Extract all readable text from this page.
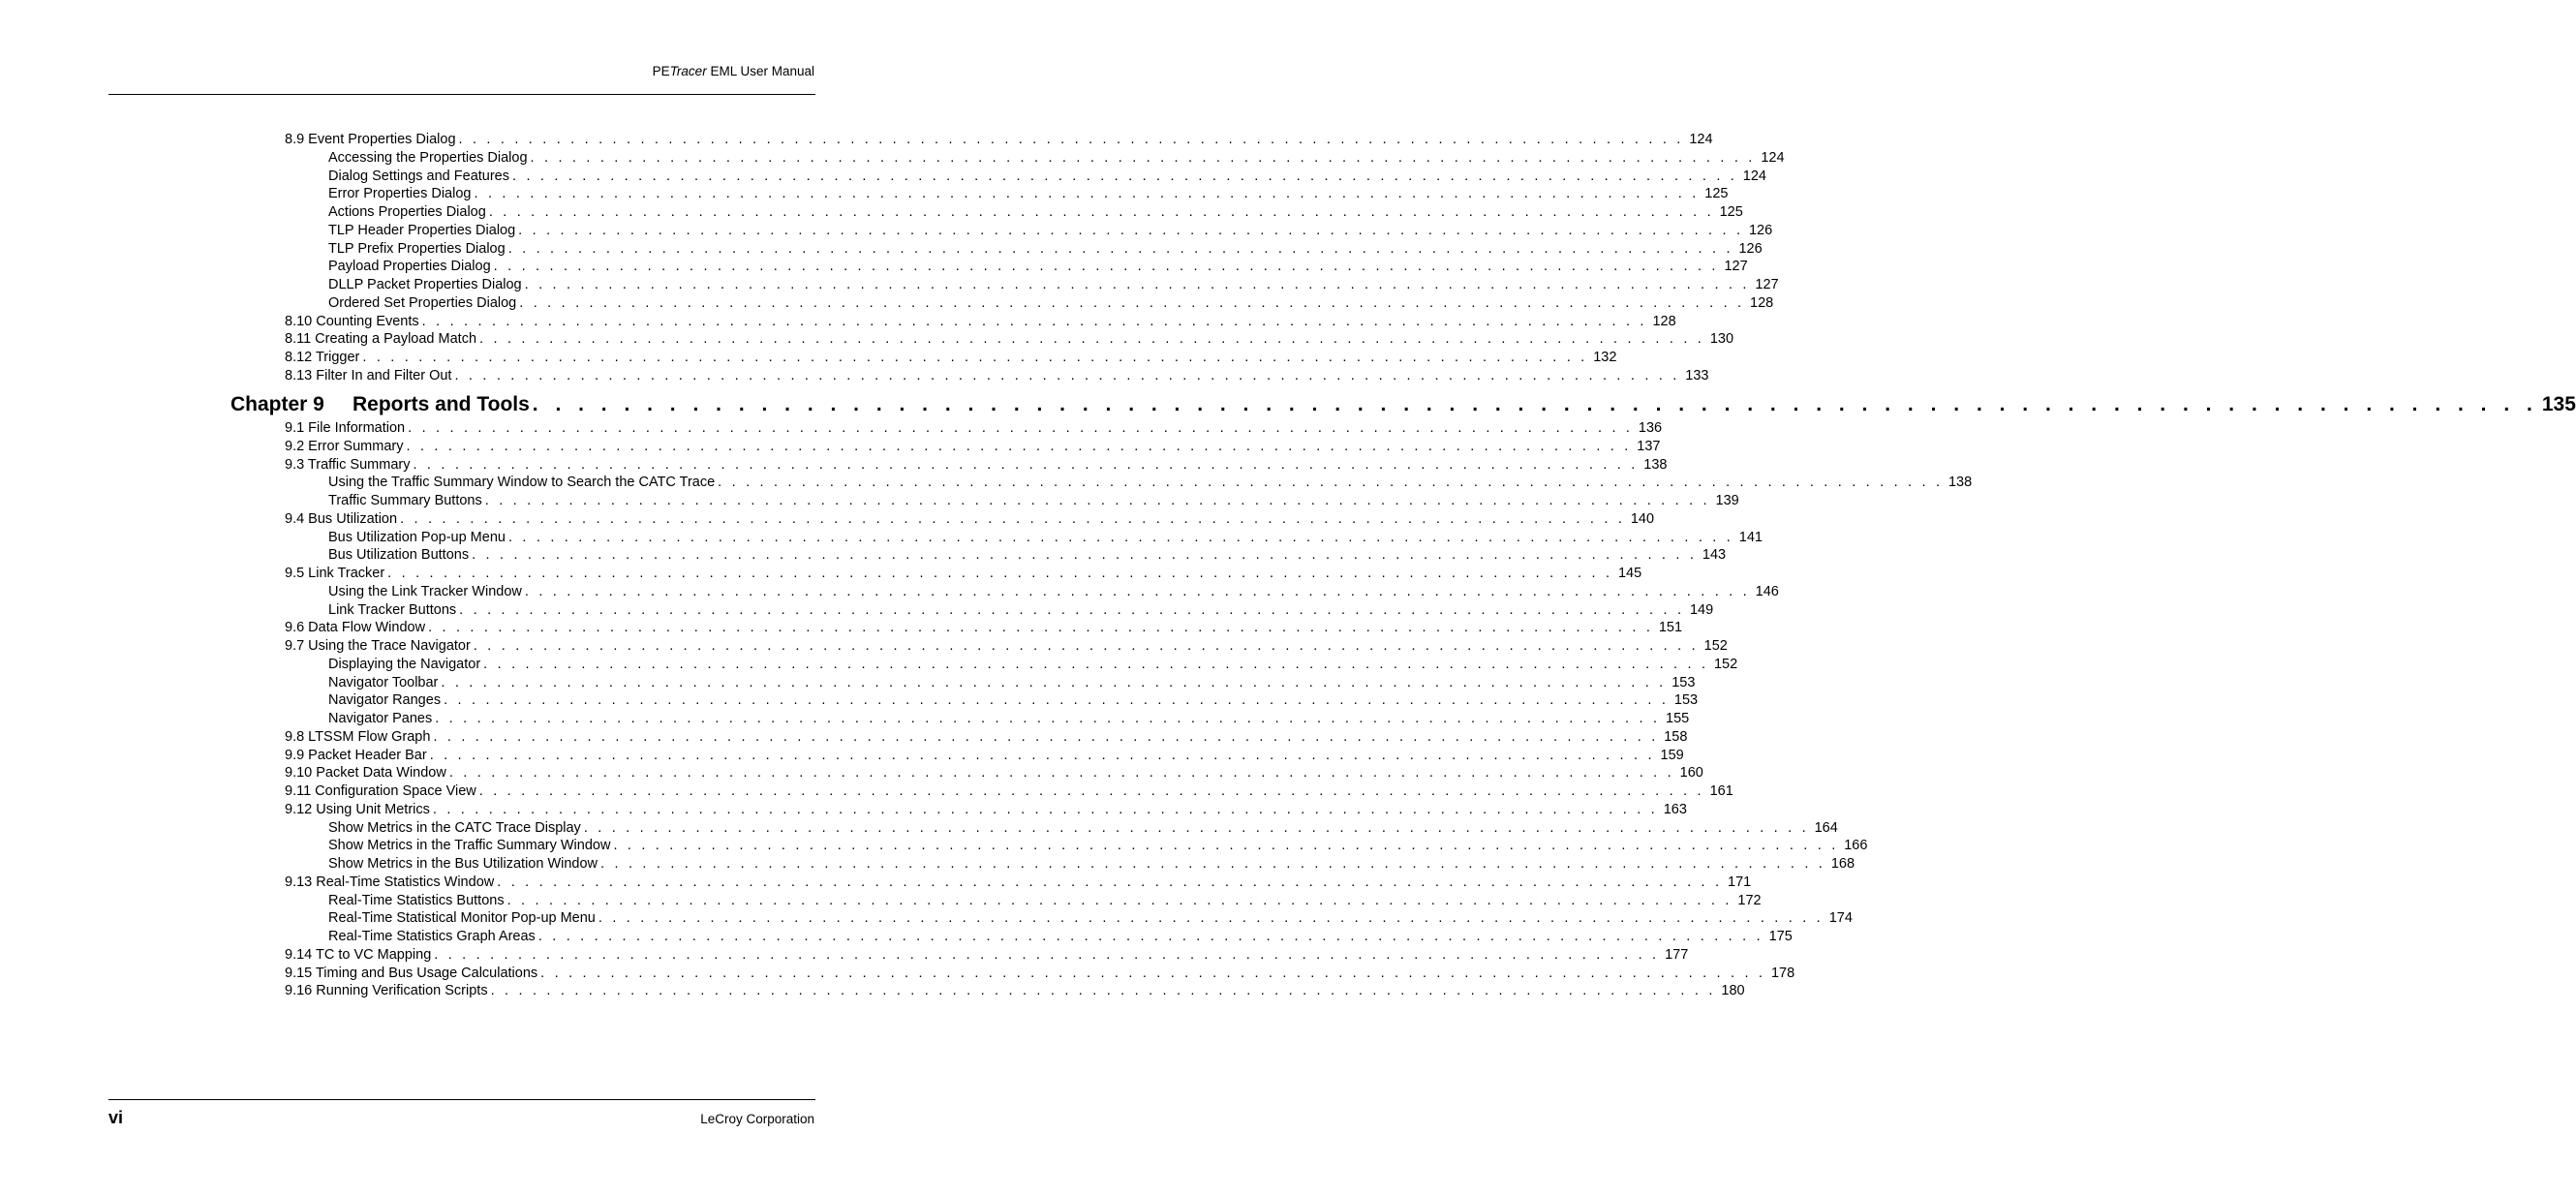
PETracer EML User Manual
8.9 Event Properties Dialog . . . . . . . . . . . . . . . . . . . . . . . . . . . . . . . . . . . . . . . . . . . . . . . . . . . . . . . . . . . . . . . . . . . . . . . . . . . . . . . . . . . . . . . . 124
Accessing the Properties Dialog . . . . . . . . . . . . . . . . . . . . . . . . . . . . . . . . . . . . . . . . . . . . . . . . . . . . . . . . . . . . . . . . . . . . . . . . . . . . . . . . . . . . . . . . 124
Dialog Settings and Features . . . . . . . . . . . . . . . . . . . . . . . . . . . . . . . . . . . . . . . . . . . . . . . . . . . . . . . . . . . . . . . . . . . . . . . . . . . . . . . . . . . . . . . . 124
Error Properties Dialog . . . . . . . . . . . . . . . . . . . . . . . . . . . . . . . . . . . . . . . . . . . . . . . . . . . . . . . . . . . . . . . . . . . . . . . . . . . . . . . . . . . . . . . . 125
Actions Properties Dialog . . . . . . . . . . . . . . . . . . . . . . . . . . . . . . . . . . . . . . . . . . . . . . . . . . . . . . . . . . . . . . . . . . . . . . . . . . . . . . . . . . . . . . . . 125
TLP Header Properties Dialog . . . . . . . . . . . . . . . . . . . . . . . . . . . . . . . . . . . . . . . . . . . . . . . . . . . . . . . . . . . . . . . . . . . . . . . . . . . . . . . . . . . . . . . . 126
TLP Prefix Properties Dialog . . . . . . . . . . . . . . . . . . . . . . . . . . . . . . . . . . . . . . . . . . . . . . . . . . . . . . . . . . . . . . . . . . . . . . . . . . . . . . . . . . . . . . . . 126
Payload Properties Dialog . . . . . . . . . . . . . . . . . . . . . . . . . . . . . . . . . . . . . . . . . . . . . . . . . . . . . . . . . . . . . . . . . . . . . . . . . . . . . . . . . . . . . . . . 127
DLLP Packet Properties Dialog . . . . . . . . . . . . . . . . . . . . . . . . . . . . . . . . . . . . . . . . . . . . . . . . . . . . . . . . . . . . . . . . . . . . . . . . . . . . . . . . . . . . . . . . 127
Ordered Set Properties Dialog . . . . . . . . . . . . . . . . . . . . . . . . . . . . . . . . . . . . . . . . . . . . . . . . . . . . . . . . . . . . . . . . . . . . . . . . . . . . . . . . . . . . . . . . 128
8.10 Counting Events . . . . . . . . . . . . . . . . . . . . . . . . . . . . . . . . . . . . . . . . . . . . . . . . . . . . . . . . . . . . . . . . . . . . . . . . . . . . . . . . . . . . . . . . 128
8.11 Creating a Payload Match . . . . . . . . . . . . . . . . . . . . . . . . . . . . . . . . . . . . . . . . . . . . . . . . . . . . . . . . . . . . . . . . . . . . . . . . . . . . . . . . . . . . . . . . 130
8.12 Trigger . . . . . . . . . . . . . . . . . . . . . . . . . . . . . . . . . . . . . . . . . . . . . . . . . . . . . . . . . . . . . . . . . . . . . . . . . . . . . . . . . . . . . . . . 132
8.13 Filter In and Filter Out . . . . . . . . . . . . . . . . . . . . . . . . . . . . . . . . . . . . . . . . . . . . . . . . . . . . . . . . . . . . . . . . . . . . . . . . . . . . . . . . . . . . . . . . 133
Chapter 9	Reports and Tools . . . . . . . . . . . . . . . . . . . . . . . . . . . . . . . . . . . . . . . . . . . . . . . . . . . . . . . . . . . . . . . . . . . . . . . . . . . . . . . . . . . . . . . . 135
9.1 File Information . . . . . . . . . . . . . . . . . . . . . . . . . . . . . . . . . . . . . . . . . . . . . . . . . . . . . . . . . . . . . . . . . . . . . . . . . . . . . . . . . . . . . . . . 136
9.2 Error Summary . . . . . . . . . . . . . . . . . . . . . . . . . . . . . . . . . . . . . . . . . . . . . . . . . . . . . . . . . . . . . . . . . . . . . . . . . . . . . . . . . . . . . . . . 137
9.3 Traffic Summary . . . . . . . . . . . . . . . . . . . . . . . . . . . . . . . . . . . . . . . . . . . . . . . . . . . . . . . . . . . . . . . . . . . . . . . . . . . . . . . . . . . . . . . . 138
Using the Traffic Summary Window to Search the CATC Trace . . . . . . . . . . . . . . . . . . . . . . . . . . . . . . . . . . . . . . . . . . . . . . . . . . . . . . . . . . . . . . . . . . . . . . . . . . . . . . . . . . . . . . . . 138
Traffic Summary Buttons . . . . . . . . . . . . . . . . . . . . . . . . . . . . . . . . . . . . . . . . . . . . . . . . . . . . . . . . . . . . . . . . . . . . . . . . . . . . . . . . . . . . . . . . 139
9.4 Bus Utilization . . . . . . . . . . . . . . . . . . . . . . . . . . . . . . . . . . . . . . . . . . . . . . . . . . . . . . . . . . . . . . . . . . . . . . . . . . . . . . . . . . . . . . . . 140
Bus Utilization Pop-up Menu . . . . . . . . . . . . . . . . . . . . . . . . . . . . . . . . . . . . . . . . . . . . . . . . . . . . . . . . . . . . . . . . . . . . . . . . . . . . . . . . . . . . . . . . 141
Bus Utilization Buttons . . . . . . . . . . . . . . . . . . . . . . . . . . . . . . . . . . . . . . . . . . . . . . . . . . . . . . . . . . . . . . . . . . . . . . . . . . . . . . . . . . . . . . . . 143
9.5 Link Tracker . . . . . . . . . . . . . . . . . . . . . . . . . . . . . . . . . . . . . . . . . . . . . . . . . . . . . . . . . . . . . . . . . . . . . . . . . . . . . . . . . . . . . . . . 145
Using the Link Tracker Window . . . . . . . . . . . . . . . . . . . . . . . . . . . . . . . . . . . . . . . . . . . . . . . . . . . . . . . . . . . . . . . . . . . . . . . . . . . . . . . . . . . . . . . . 146
Link Tracker Buttons . . . . . . . . . . . . . . . . . . . . . . . . . . . . . . . . . . . . . . . . . . . . . . . . . . . . . . . . . . . . . . . . . . . . . . . . . . . . . . . . . . . . . . . . 149
9.6 Data Flow Window . . . . . . . . . . . . . . . . . . . . . . . . . . . . . . . . . . . . . . . . . . . . . . . . . . . . . . . . . . . . . . . . . . . . . . . . . . . . . . . . . . . . . . . . 151
9.7 Using the Trace Navigator . . . . . . . . . . . . . . . . . . . . . . . . . . . . . . . . . . . . . . . . . . . . . . . . . . . . . . . . . . . . . . . . . . . . . . . . . . . . . . . . . . . . . . . . 152
Displaying the Navigator . . . . . . . . . . . . . . . . . . . . . . . . . . . . . . . . . . . . . . . . . . . . . . . . . . . . . . . . . . . . . . . . . . . . . . . . . . . . . . . . . . . . . . . . 152
Navigator Toolbar . . . . . . . . . . . . . . . . . . . . . . . . . . . . . . . . . . . . . . . . . . . . . . . . . . . . . . . . . . . . . . . . . . . . . . . . . . . . . . . . . . . . . . . . 153
Navigator Ranges . . . . . . . . . . . . . . . . . . . . . . . . . . . . . . . . . . . . . . . . . . . . . . . . . . . . . . . . . . . . . . . . . . . . . . . . . . . . . . . . . . . . . . . . 153
Navigator Panes . . . . . . . . . . . . . . . . . . . . . . . . . . . . . . . . . . . . . . . . . . . . . . . . . . . . . . . . . . . . . . . . . . . . . . . . . . . . . . . . . . . . . . . . 155
9.8 LTSSM Flow Graph . . . . . . . . . . . . . . . . . . . . . . . . . . . . . . . . . . . . . . . . . . . . . . . . . . . . . . . . . . . . . . . . . . . . . . . . . . . . . . . . . . . . . . . . 158
9.9 Packet Header Bar . . . . . . . . . . . . . . . . . . . . . . . . . . . . . . . . . . . . . . . . . . . . . . . . . . . . . . . . . . . . . . . . . . . . . . . . . . . . . . . . . . . . . . . . 159
9.10 Packet Data Window . . . . . . . . . . . . . . . . . . . . . . . . . . . . . . . . . . . . . . . . . . . . . . . . . . . . . . . . . . . . . . . . . . . . . . . . . . . . . . . . . . . . . . . . 160
9.11 Configuration Space View . . . . . . . . . . . . . . . . . . . . . . . . . . . . . . . . . . . . . . . . . . . . . . . . . . . . . . . . . . . . . . . . . . . . . . . . . . . . . . . . . . . . . . . . 161
9.12 Using Unit Metrics . . . . . . . . . . . . . . . . . . . . . . . . . . . . . . . . . . . . . . . . . . . . . . . . . . . . . . . . . . . . . . . . . . . . . . . . . . . . . . . . . . . . . . . . 163
Show Metrics in the CATC Trace Display . . . . . . . . . . . . . . . . . . . . . . . . . . . . . . . . . . . . . . . . . . . . . . . . . . . . . . . . . . . . . . . . . . . . . . . . . . . . . . . . . . . . . . . . 164
Show Metrics in the Traffic Summary Window . . . . . . . . . . . . . . . . . . . . . . . . . . . . . . . . . . . . . . . . . . . . . . . . . . . . . . . . . . . . . . . . . . . . . . . . . . . . . . . . . . . . . . . . 166
Show Metrics in the Bus Utilization Window . . . . . . . . . . . . . . . . . . . . . . . . . . . . . . . . . . . . . . . . . . . . . . . . . . . . . . . . . . . . . . . . . . . . . . . . . . . . . . . . . . . . . . . . 168
9.13 Real-Time Statistics Window . . . . . . . . . . . . . . . . . . . . . . . . . . . . . . . . . . . . . . . . . . . . . . . . . . . . . . . . . . . . . . . . . . . . . . . . . . . . . . . . . . . . . . . . 171
Real-Time Statistics Buttons . . . . . . . . . . . . . . . . . . . . . . . . . . . . . . . . . . . . . . . . . . . . . . . . . . . . . . . . . . . . . . . . . . . . . . . . . . . . . . . . . . . . . . . . 172
Real-Time Statistical Monitor Pop-up Menu . . . . . . . . . . . . . . . . . . . . . . . . . . . . . . . . . . . . . . . . . . . . . . . . . . . . . . . . . . . . . . . . . . . . . . . . . . . . . . . . . . . . . . . . 174
Real-Time Statistics Graph Areas . . . . . . . . . . . . . . . . . . . . . . . . . . . . . . . . . . . . . . . . . . . . . . . . . . . . . . . . . . . . . . . . . . . . . . . . . . . . . . . . . . . . . . . . 175
9.14 TC to VC Mapping . . . . . . . . . . . . . . . . . . . . . . . . . . . . . . . . . . . . . . . . . . . . . . . . . . . . . . . . . . . . . . . . . . . . . . . . . . . . . . . . . . . . . . . . 177
9.15 Timing and Bus Usage Calculations . . . . . . . . . . . . . . . . . . . . . . . . . . . . . . . . . . . . . . . . . . . . . . . . . . . . . . . . . . . . . . . . . . . . . . . . . . . . . . . . . . . . . . . . 178
9.16 Running Verification Scripts . . . . . . . . . . . . . . . . . . . . . . . . . . . . . . . . . . . . . . . . . . . . . . . . . . . . . . . . . . . . . . . . . . . . . . . . . . . . . . . . . . . . . . . . 180
vi	LeCroy Corporation
